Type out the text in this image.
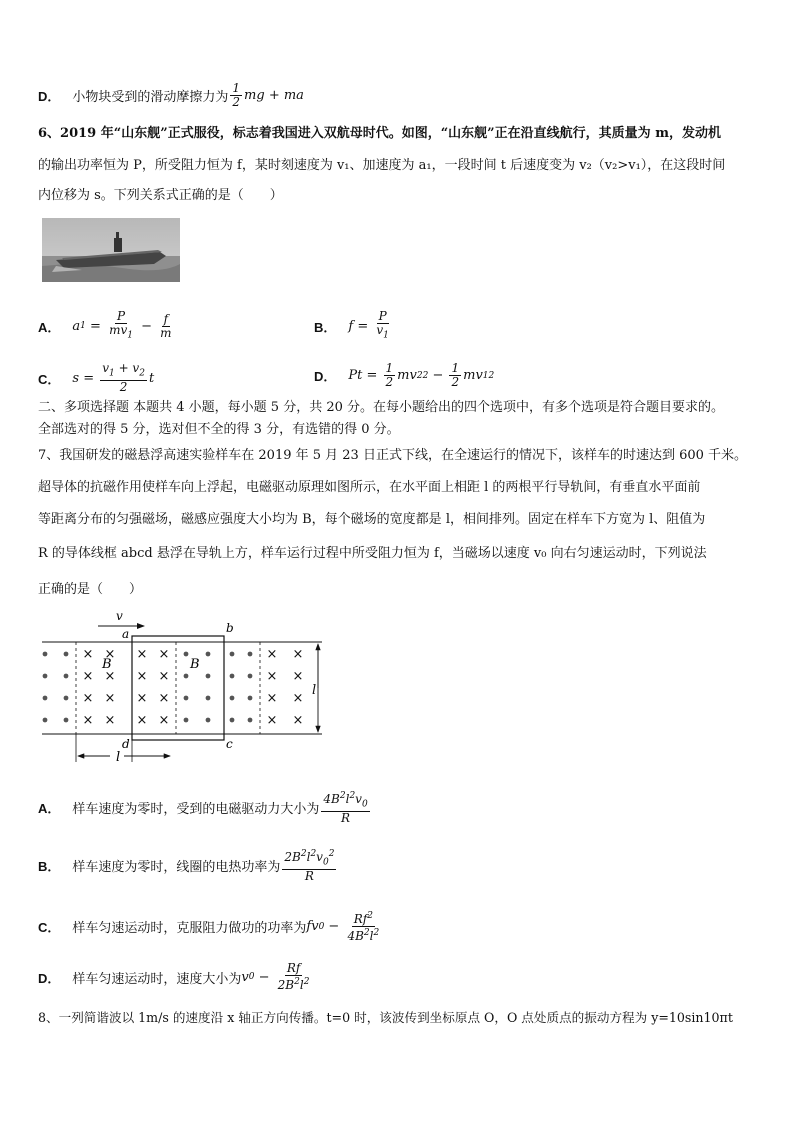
D． 小物块受到的滑动摩擦力为
1
2 mg + ma
6、2019 年“山东舰”正式服役，标志着我国进入双航母时代。如图，“山东舰”正在沿直线航行，其质量为 m，发动机
的输出功率恒为 P，所受阻力恒为 f，某时刻速度为 v₁、加速度为 a₁，一段时间 t 后速度变为 v₂（v₂>v₁），在这段时间
内位移为 s。下列关系式正确的是（　　）
A． a $1 = \frac{P}{mv_1} - \frac{f}{m}$	B． $f = \frac{P}{v_1}$
C． $s = \frac{v_1 + v_2}{2}$ t	D． $Pt = \frac{1}{2}$ mv 2 $2 - \frac{1}{2}$ mv 1 2
二、多项选择题 本题共 4 小题，每小题 5 分，共 20 分。在每小题给出的四个选项中，有多个选项是符合题目要求的。
全部选对的得 5 分，选对但不全的得 3 分，有选错的得 0 分。
7、我国研发的磁悬浮高速实验样车在 2019 年 5 月 23 日正式下线，在全速运行的情况下，该样车的时速达到 600 千米。
超导体的抗磁作用使样车向上浮起，电磁驱动原理如图所示，在水平面上相距 l 的两根平行导轨间，有垂直水平面前
等距离分布的匀强磁场，磁感应强度大小均为 B，每个磁场的宽度都是 l，相间排列。固定在样车下方宽为 l、阻值为
R 的导体线框 abcd 悬浮在导轨上方，样车运行过程中所受阻力恒为 f，当磁场以速度 v₀ 向右匀速运动时，下列说法
正确的是（　　）
× ×
× ×
× ×
× ×
× ×
× ×
× ×
× ×
× ×
× ×
× ×
× ×
B	B
v
a	b
c
d
l
l
A． 样车速度为零时，受到的电磁驱动力大小为
$4B^2l^2v_0$
R
B． 样车速度为零时，线圈的电热功率为
$2B^2l^2v_0^2$
R
C． 样车匀速运动时，克服阻力做功的功率为 fv $0 - \frac{Rf^2}{4B^2l^2}$
D． 样车匀速运动时，速度大小为 v $0 - \frac{Rf}{2B^2l^2}$
8、一列简谐波以 1m/s 的速度沿 x 轴正方向传播。t=0 时，该波传到坐标原点 O，O 点处质点的振动方程为 y=10sin10πt
